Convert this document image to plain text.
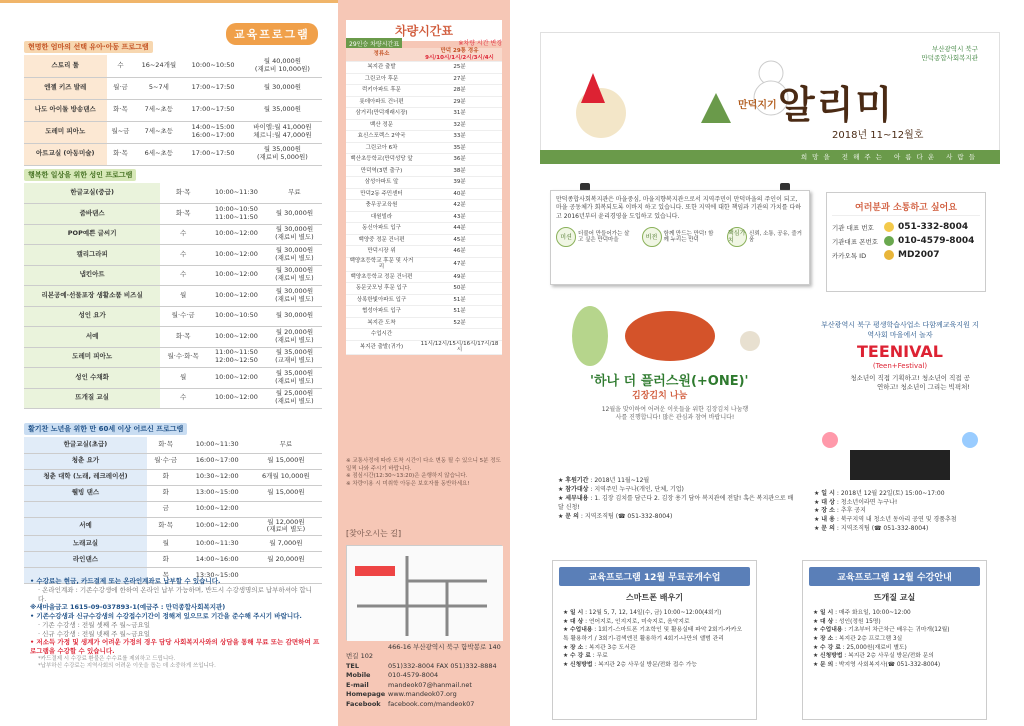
교육프로그램
현명한 엄마의 선택 유아·아동 프로그램
스토리 툴	수	16~24개월	10:00~10:50	월 40,000원
(재료비 10,000원)
엔젤 키즈 발레	월·금	5~7세	17:00~17:50	월 30,000원
나도 아이돌 방송댄스	화·목	7세~초등	17:00~17:50	월 35,000원
도레미 피아노	월~금	7세~초등	14:00~15:00
16:00~17:00	바이엘:월 41,000원
체르니:월 47,000원
아트교실 (아동미술)	화·목	6세~초등	17:00~17:50	월 35,000원
(재료비 5,000원)
행복한 일상을 위한 성인 프로그램
한글교실(중급)	화·목	10:00~11:30	무료
줌바댄스	화·목	10:00~10:50
11:00~11:50	월 30,000원
POP예쁜 글씨기	수	10:00~12:00	월 30,000원
(재료비 별도)
캘리그라피	수	10:00~12:00	월 30,000원
(재료비 별도)
냅킨아트	수	10:00~12:00	월 30,000원
(재료비 별도)
리본공예·선물포장 생활소품 비즈실	월	10:00~12:00	월 30,000원
(재료비 별도)
성인 요가	월·수·금	10:00~10:50	월 30,000원
서예	화·목	10:00~12:00	월 20,000원
(재료비 별도)
도레미 피아노	월·수·화·목	11:00~11:50
12:00~12:50	월 35,000원
(교재비 별도)
성인 수채화	월	10:00~12:00	월 35,000원
(재료비 별도)
뜨개질 교실	수	10:00~12:00	월 25,000원
(재료비 별도)
활기찬 노년을 위한 만 60세 이상 어르신 프로그램
한글교실(초급)	화·목	10:00~11:30	무료
청춘 요가	월·수·금	16:00~17:00	월 15,000원
청춘 대학 (노래, 레크레이션)	화	10:30~12:00	6개월 10,000원
웰빙 댄스	화	13:00~15:00	월 15,000원
	금	10:00~12:00	
서예	화·목	10:00~12:00	월 12,000원
(재료비 별도)
노래교실	월	10:00~11:30	월 7,000원
라인댄스	화	14:00~16:00	월 20,000원
	목	13:30~15:00	
• 수강료는 현금, 카드결제 또는 온라인계좌로 납부할 수 있습니다.
· 온라인계좌 : 기존수강생에 한하여 온라인 납부 가능하며, 반드시 수강생명의로 납부하셔야 합니다.
※새마을금고 1615-09-037893-1(예금주 : 만덕종합사회복지관)
• 기존수강생과 신규수강생의 수강접수기간이 정해져 있으므로 기간을 준수해 주시기 바랍니다.
· 기존 수강생 : 전월 셋째 주 월~금요일
· 신규 수강생 : 전월 넷째 주 월~금요일
• 저소득 가정 및 생계가 어려운 가정의 경우 담당 사회복지사와의 상담을 통해 무료 또는 감면하여 프로그램을 수강할 수 있습니다.
*카드결제 시 수강료 환불은 수수료를 제외하고 드립니다.
*납부하신 수강료는 지역사회의 어려운 이웃을 돕는 데 소중하게 쓰입니다.
차량시간표
29인승 차량시간표	※차량 시간 변경
정류소	만덕 29통 경유
9시/10시/1시/2시/3시/4시
복지관 출발	25분
그린코아 후문	27분
럭키아파트 후문	28분
롯데아파트 건너편	29분
삼거리(만덕재래시장)	31분
백산 정문	32분
효신스포렉스 2약국	33분
그린코아 6차	35분
백산초등학교(만덕성당 앞	36분
만덕역(3번 출구)	38분
삼성아파트 앞	39분
만덕2동 주민센터	40분
충무공교육원	42분
대원빌라	43분
동신아파트 입구	44분
백양중 정문 건너편	45분
만덕시장 위	46분
백양초등학교 후문 및 사거리	47분
백양초등학교 정문 건너편	49분
동문굿모닝 후문 입구	50분
상록한빛아파트 입구	51분
협성아파트 입구	51분
복지관 도착	52분
수업시간	
복지관 출발(귀가)	11시/12시/15시/16시/17시/18시
※ 교통사정에 따라 도착 시간이 다소 변동 될 수 있으니 5분 정도 일찍 나와 주시기 바랍니다.
※ 점심시간(12:30~13:20)은 운행하지 않습니다.
※ 차량이용 시 미취학 아동은 보호자를 동반하세요!
[찾아오시는 길]
466-16 부산광역시 북구 함박봉로 140번길 102
TEL	051)332-8004 FAX 051)332-8884
Mobile	010-4579-8004
E-mail	mandeok07@hanmail.net
Homepage www.mandeok07.org
Facebook facebook.com/mandeok07
희망을 전해주는 아름다운 사람들
만덕지기 알리미
2018년 11~12월호
부산광역시 북구
만덕종합사회복지관

만덕종합사회복지관은 마을중심, 마을지향복지관으로서 지역주민이 만덕마을의 주인이 되고, 마을 공동체가 회복되도록 이바지 하고 있습니다. 또한 지역에 대한 책임과 기관의 가치를 다하고 2016년부터 윤리경영을 도입하고 있습니다.

미션	더불어 만들어가는 살고 싶은 만덕마을	비전	함께 만드는 만덕! 함께 누리는 만덕
핵심가치
신뢰, 소통, 공유, 즐거움
여러분과 소통하고 싶어요
기관 대표 번호	051-332-8004
기관대표 폰번호	010-4579-8004
카카오톡 ID	MD2007
'하나 더 플러스원(+ONE)'
김장김치 나눔
12월을 맞이하여 어려운 이웃들을 위한 김장김치 나눔행사를 진행합니다! 많은 관심과 참여 바랍니다!
★ 후원기간 : 2018년 11월~12월
★ 참가대상 : 지역주민 누구나(개인, 단체, 기업)
★ 세부내용 : 1. 김장 김치를 담근다 2. 김장 용기 담아 복지관에 전달! 혹은 복지관으로 배달 신청!
★ 문 의 : 지역조직팀 (☎ 051-332-8004)
부산광역시 북구 평생학습사업소 다함께교육지원 지역사회 마을에서 놀자
TEENIVAL
(Teen+Festival)
청소년이 직접 기획하고! 청소년이 직접 공연하고! 청소년이 그리는 빅픽처!
★ 일 시 : 2018년 12월 22일(토) 15:00~17:00
★ 대 상 : 청소년이라면 누구나!
★ 장 소 : 추후 공지
★ 내 용 : 북구지역 내 청소년 동아리 공연 및 경품추첨
★ 문 의 : 지역조직팀 (☎ 051-332-8004)
교육프로그램 12월 무료공개수업
스마트폰 배우기
★ 일 시 : 12월 5, 7, 12, 14일(수, 금) 10:00~12:00(4회기)
★ 대 상 : 연어지로, 인지지로, 미숙지로, 음악지로
★ 수업내용 : 1회기-스마트폰 기초학인 및 활용실태 파악 2회기-카카오톡 활용하기 / 3회기-검색엔진 활용하기 4회기-나만의 앨범 관리
★ 장 소 : 복지관 3층 도서관
★ 수 강 료 : 무료
★ 신청방법 : 복지관 2층 사무실 방문/전화 접수 가능
교육프로그램 12월 수강안내
뜨개질 교실
★ 일 시 : 매주 화요일, 10:00~12:00
★ 대 상 : 성인(정원 15명)
★ 수업내용 : 기초부터 차근차근 배우는 귀마개(12월)
★ 장 소 : 복지관 2층 프로그램 3실
★ 수 강 료 : 25,000원(재료비 별도)
★ 신청방법 : 복지관 2층 사무실 방문/전화 문의
★ 문 의 : 박지영 사회복지사(☎ 051-332-8004)
